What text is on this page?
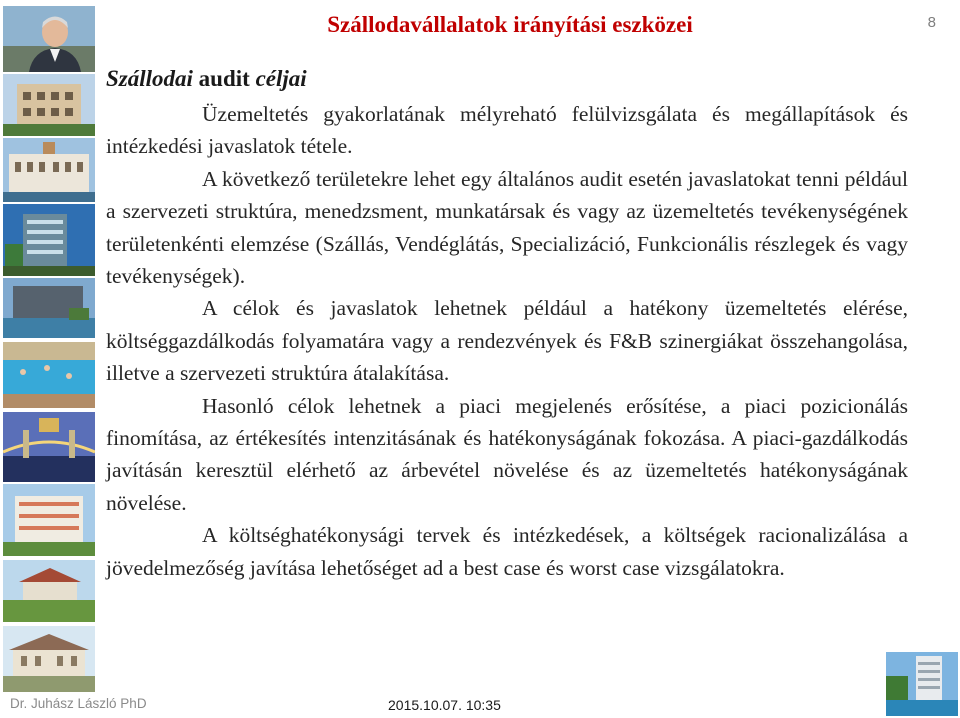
Szállodavállalatok irányítási eszközei	8
Szállodai audit céljai

Üzemeltetés gyakorlatának mélyreható felülvizsgálata és megállapítások és intézkedési javaslatok tétele.

A következő területekre lehet egy általános audit esetén javaslatokat tenni például a szervezeti struktúra, menedzsment, munkatársak és vagy az üzemeltetés tevékenységének területenkénti elemzése (Szállás, Vendéglátás, Specializáció, Funkcionális részlegek és vagy tevékenységek).

A célok és javaslatok lehetnek például a hatékony üzemeltetés elérése, költséggazdálkodás folyamatára vagy a rendezvények és F&B szinergiákat összehangolása, illetve a szervezeti struktúra átalakítása.

Hasonló célok lehetnek a piaci megjelenés erősítése, a piaci pozicionálás finomítása, az értékesítés intenzitásának és hatékonyságának fokozása. A piaci-gazdálkodás javításán keresztül elérhető az árbevétel növelése és az üzemeltetés hatékonyságának növelése.

A költséghatékonysági tervek és intézkedések, a költségek racionalizálása a jövedelmezőség javítása lehetőséget ad a best case és worst case vizsgálatokra.

Dr. Juhász László PhD	2015.10.07. 10:35
